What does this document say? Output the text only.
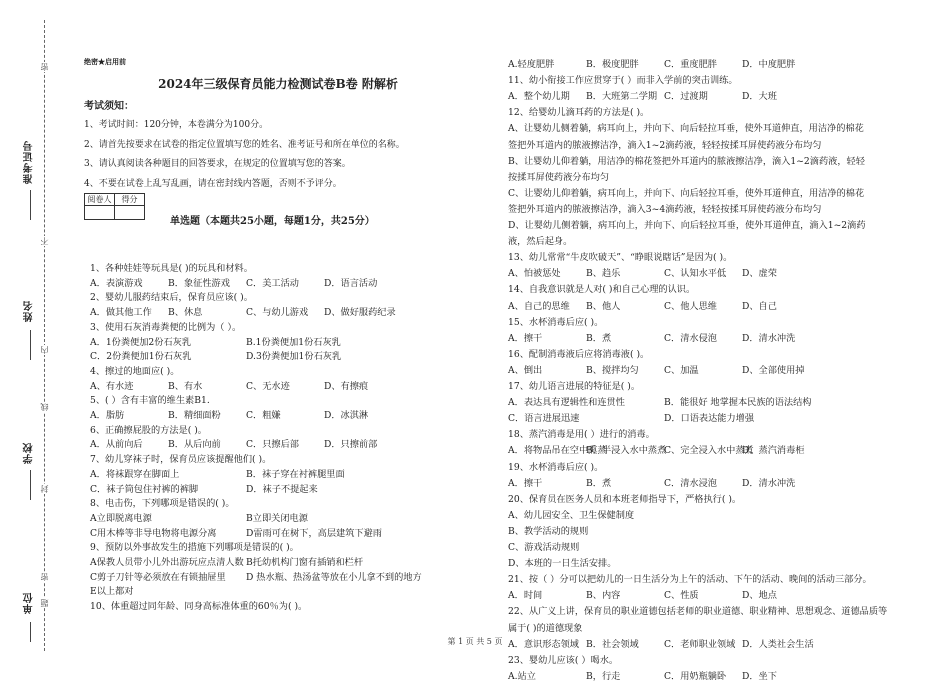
准考证号
姓名
学校
单位
密
不
内
线
封
密
题
绝密★启用前
2024年三级保育员能力检测试卷B卷 附解析
考试须知：
1、考试时间：120分钟，本卷满分为100分。
2、请首先按要求在试卷的指定位置填写您的姓名、准考证号和所在单位的名称。
3、请认真阅读各种题目的回答要求，在规定的位置填写您的答案。
4、不要在试卷上乱写乱画，请在密封线内答题，否则不予评分。
阅卷人	得分

单选题（本题共25小题，每题1分，共25分）
1、各种娃娃等玩具是( )的玩具和材料。
A．表演游戏	B．象征性游戏 C．美工活动	D．语言活动
2、婴幼儿服药结束后，保育员应该( )。
A．做其他工作 B、休息	C、与幼儿游戏 D、做好服药纪录
3、使用石灰消毒粪便的比例为（ ）。
A．1份粪便加2份石灰乳	B.1份粪便加1份石灰乳
C．2份粪便加1份石灰乳	D.3份粪便加1份石灰乳
4、擦过的地面应( )。
A、有水迹	B、有水	C、无水迹	D、有擦痕
5、( ）含有丰富的维生素B1.
A．脂肪	B．精细面粉	C．粗嫌	D．冰淇淋
6、正确擦屁股的方法是( )。
A．从前向后	B．从后向前	C．只擦后部	D．只擦前部
7、幼儿穿袜子时，保育员应该提醒他们( )。
A．将袜跟穿在脚面上	B．袜子穿在衬裤腿里面
C．袜子筒包住衬裤的裤脚	D．袜子不提起来
8、电击伤，下列哪项是错误的( )。
A立即脱离电源	B立即关闭电源
C用木棒等非导电物将电源分离	D雷雨可在树下，高层建筑下避雨
9、预防以外事故发生的措施下列哪项是错误的( )。
A保教人员带小儿外出游玩应点清人数 B托幼机构门窗有插销和栏杆
C剪子刀针等必须放在有锁抽屉里 D 热水瓶、热汤盆等放在小儿拿不到的地方
E以上都对
10、体重超过同年龄、同身高标准体重的60％为( )。
A.轻度肥胖	B．极度肥胖	C．重度肥胖	D．中度肥胖
11、幼小衔接工作应贯穿于( ）而非入学前的突击训练。
A．整个幼儿期 B．大班第二学期 C．过渡期	D．大班
12、给婴幼儿滴耳药的方法是( )。
A、让婴幼儿侧着躺，病耳向上，并向下、向后轻拉耳垂，使外耳道伸直，用洁净的棉花
签把外耳道内的脓液擦洁净，滴入1~2滴药液，轻轻按揉耳屏使药液分布均匀
B、让婴幼儿仰着躺，用洁净的棉花签把外耳道内的脓液擦洁净，滴入1~2滴药液，轻轻
按揉耳屏使药液分布均匀
C、让婴幼儿仰着躺，病耳向上，并向下、向后轻拉耳垂，使外耳道伸直，用洁净的棉花
签把外耳道内的脓液擦洁净，滴入3~4滴药液，轻轻按揉耳屏使药液分布均匀
D、让婴幼儿侧着躺，病耳向上，并向下、向后轻拉耳垂，使外耳道伸直，滴入1~2滴药
液，然后起身。
13、幼儿常常“牛皮吹破天”、“睁眼说瞎话”是因为( )。
A、怕被惩处	B、趋乐	C、认知水平低 D、虚荣
14、自我意识就是人对( )和自己心理的认识。
A、自己的思维 B、他人	C、他人思维	D、自己
15、水杯消毒后应( )。
A．擦干	B．煮	C．清水侵泡	D．清水冲洗
16、配制消毒液后应将消毒液( )。
A、倒出	B、搅拌均匀	C、加温	D、全部使用掉
17、幼儿语言进展的特征是( )。
A．表达具有逻辑性和连贯性	B．能很好 地掌握本民族的语法结构
C．语言进展迅速	D．口语表达能力增强
18、蒸汽消毒是用( ）进行的消毒。
A．将物品吊在空中熏蒸B、半浸入水中蒸煮C、完全浸入水中蒸煮D、蒸汽消毒柜
19、水杯消毒后应( )。
A．擦干	B．煮	C．清水浸泡	D．清水冲洗
20、保育员在医务人员和本班老师指导下，严格执行( )。
A、幼儿园安全、卫生保健制度
B、教学活动的规则
C、游戏活动规则
D、本班的一日生活安排。
21、按（ ）分可以把幼儿的一日生活分为上午的活动、下午的活动、晚间的活动三部分。
A．时间	B、内容	C、性质	D、地点
22、从广义上讲，保育员的职业道德包括老师的职业道德、职业精神、思想观念、道德品质等
属于( )的道德现象
A．意识形态领域 B．社会领域	C．老师职业领域 D．人类社会生活
23、婴幼儿应该( ）喝水。
A.站立	B，行走	C．用奶瓶躺卧 D．坐下
第 1 页 共 5 页
